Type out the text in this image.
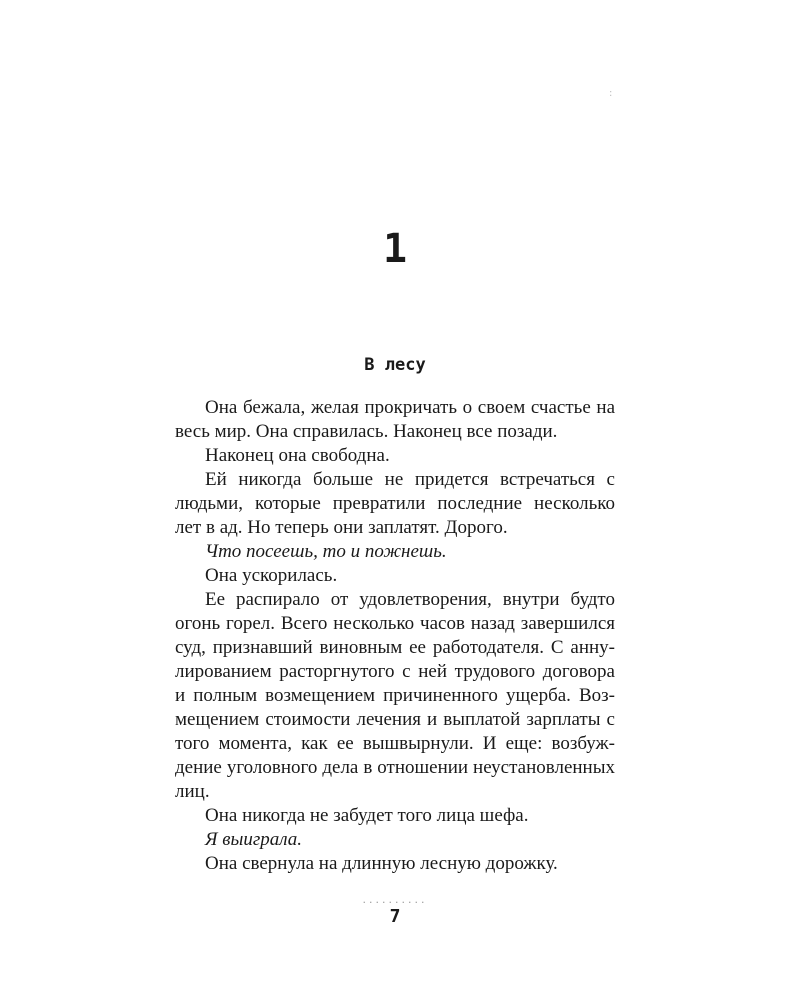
:
1
В лесу

Она бежала, желая прокричать о своем счастье на весь мир. Она справилась. Наконец все позади.

Наконец она свободна.

Ей никогда больше не придется встречаться с людьми, которые превратили последние несколько лет в ад. Но теперь они заплатят. Дорого.

Что посеешь, то и пожнешь.

Она ускорилась.

Ее распирало от удовлетворения, внутри будто огонь горел. Всего несколько часов назад завершился суд, признавший виновным ее работодателя. С аннулированием расторгнутого с ней трудового договора и полным возмещением причиненного ущерба. Возмещением стоимости лечения и выплатой зарплаты с того момента, как ее вышвырнули. И еще: возбуждение уголовного дела в отношении неустановленных лиц.

Она никогда не забудет того лица шефа.

Я выиграла.

Она свернула на длинную лесную дорожку.

..........
7
